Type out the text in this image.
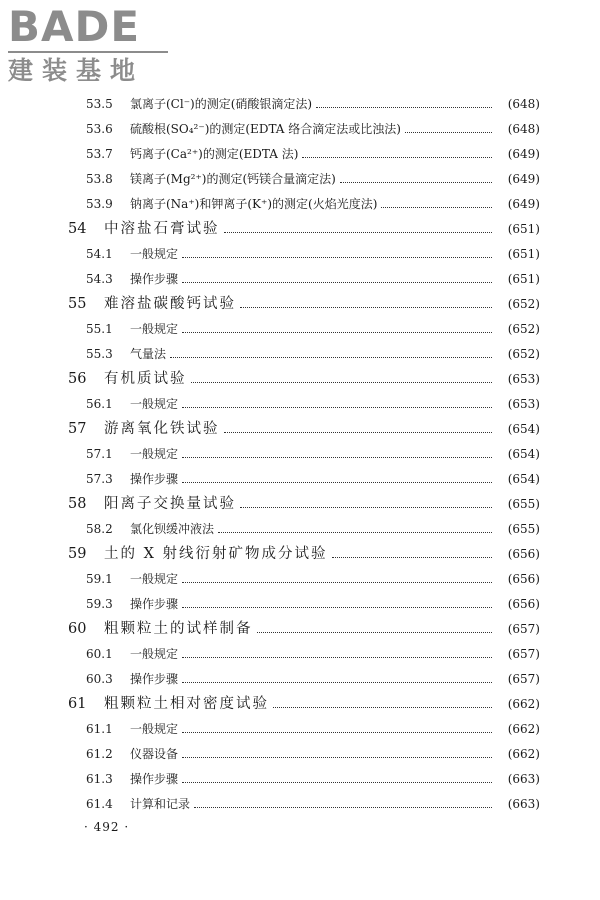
BADE
建装基地
53.5	氯离子(Cl⁻)的测定(硝酸银滴定法)	(648)
53.6	硫酸根(SO₄²⁻)的测定(EDTA 络合滴定法或比浊法)	(648)
53.7	钙离子(Ca²⁺)的测定(EDTA 法)	(649)
53.8	镁离子(Mg²⁺)的测定(钙镁合量滴定法)	(649)
53.9	钠离子(Na⁺)和钾离子(K⁺)的测定(火焰光度法)	(649)
54	中溶盐石膏试验	(651)
54.1	一般规定	(651)
54.3	操作步骤	(651)
55	难溶盐碳酸钙试验	(652)
55.1	一般规定	(652)
55.3	气量法	(652)
56	有机质试验	(653)
56.1	一般规定	(653)
57	游离氧化铁试验	(654)
57.1	一般规定	(654)
57.3	操作步骤	(654)
58	阳离子交换量试验	(655)
58.2	氯化钡缓冲液法	(655)
59	土的 X 射线衍射矿物成分试验	(656)
59.1	一般规定	(656)
59.3	操作步骤	(656)
60	粗颗粒土的试样制备	(657)
60.1	一般规定	(657)
60.3	操作步骤	(657)
61	粗颗粒土相对密度试验	(662)
61.1	一般规定	(662)
61.2	仪器设备	(662)
61.3	操作步骤	(663)
61.4	计算和记录	(663)
· 492 ·
